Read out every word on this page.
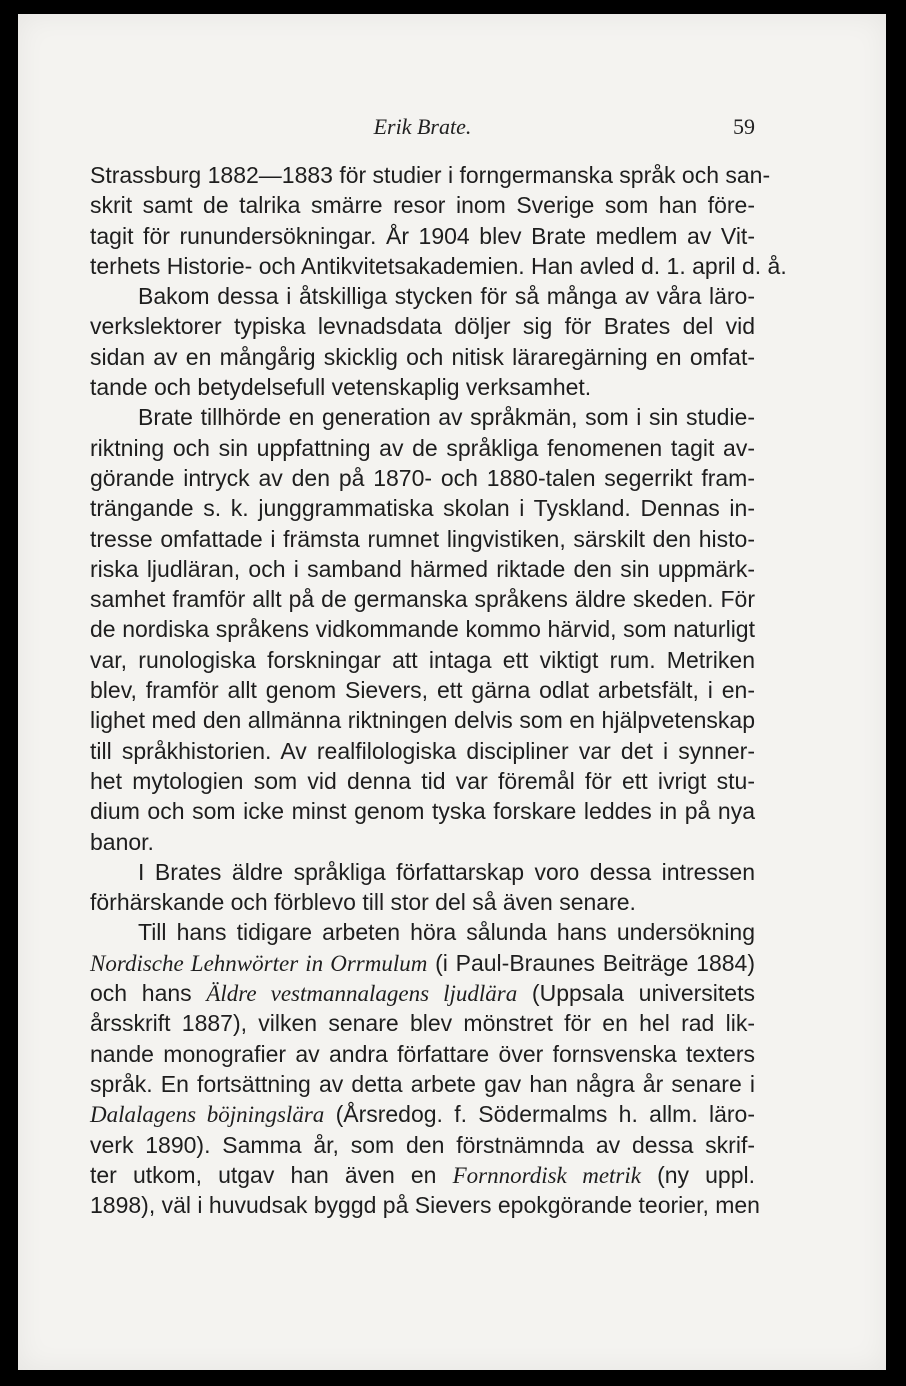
Erik Brate.	59
Strassburg 1882—1883 för studier i forngermanska språk och san-
skrit samt de talrika smärre resor inom Sverige som han före-
tagit för runundersökningar. År 1904 blev Brate medlem av Vit-
terhets Historie- och Antikvitetsakademien. Han avled d. 1. april d. å.
Bakom dessa i åtskilliga stycken för så många av våra läro-
verkslektorer typiska levnadsdata döljer sig för Brates del vid
sidan av en mångårig skicklig och nitisk läraregärning en omfat-
tande och betydelsefull vetenskaplig verksamhet.
Brate tillhörde en generation av språkmän, som i sin studie-
riktning och sin uppfattning av de språkliga fenomenen tagit av-
görande intryck av den på 1870- och 1880-talen segerrikt fram-
trängande s. k. junggrammatiska skolan i Tyskland. Dennas in-
tresse omfattade i främsta rumnet lingvistiken, särskilt den histo-
riska ljudläran, och i samband härmed riktade den sin uppmärk-
samhet framför allt på de germanska språkens äldre skeden. För
de nordiska språkens vidkommande kommo härvid, som naturligt
var, runologiska forskningar att intaga ett viktigt rum. Metriken
blev, framför allt genom Sievers, ett gärna odlat arbetsfält, i en-
lighet med den allmänna riktningen delvis som en hjälpvetenskap
till språkhistorien. Av realfilologiska discipliner var det i synner-
het mytologien som vid denna tid var föremål för ett ivrigt stu-
dium och som icke minst genom tyska forskare leddes in på nya
banor.
I Brates äldre språkliga författarskap voro dessa intressen
förhärskande och förblevo till stor del så även senare.
Till hans tidigare arbeten höra sålunda hans undersökning
Nordische Lehnwörter in Orrmulum (i Paul-Braunes Beiträge 1884)
och hans Äldre vestmannalagens ljudlära (Uppsala universitets
årsskrift 1887), vilken senare blev mönstret för en hel rad lik-
nande monografier av andra författare över fornsvenska texters
språk. En fortsättning av detta arbete gav han några år senare i
Dalalagens böjningslära (Årsredog. f. Södermalms h. allm. läro-
verk 1890). Samma år, som den förstnämnda av dessa skrif-
ter utkom, utgav han även en Fornnordisk metrik (ny uppl.
1898), väl i huvudsak byggd på Sievers epokgörande teorier, men
